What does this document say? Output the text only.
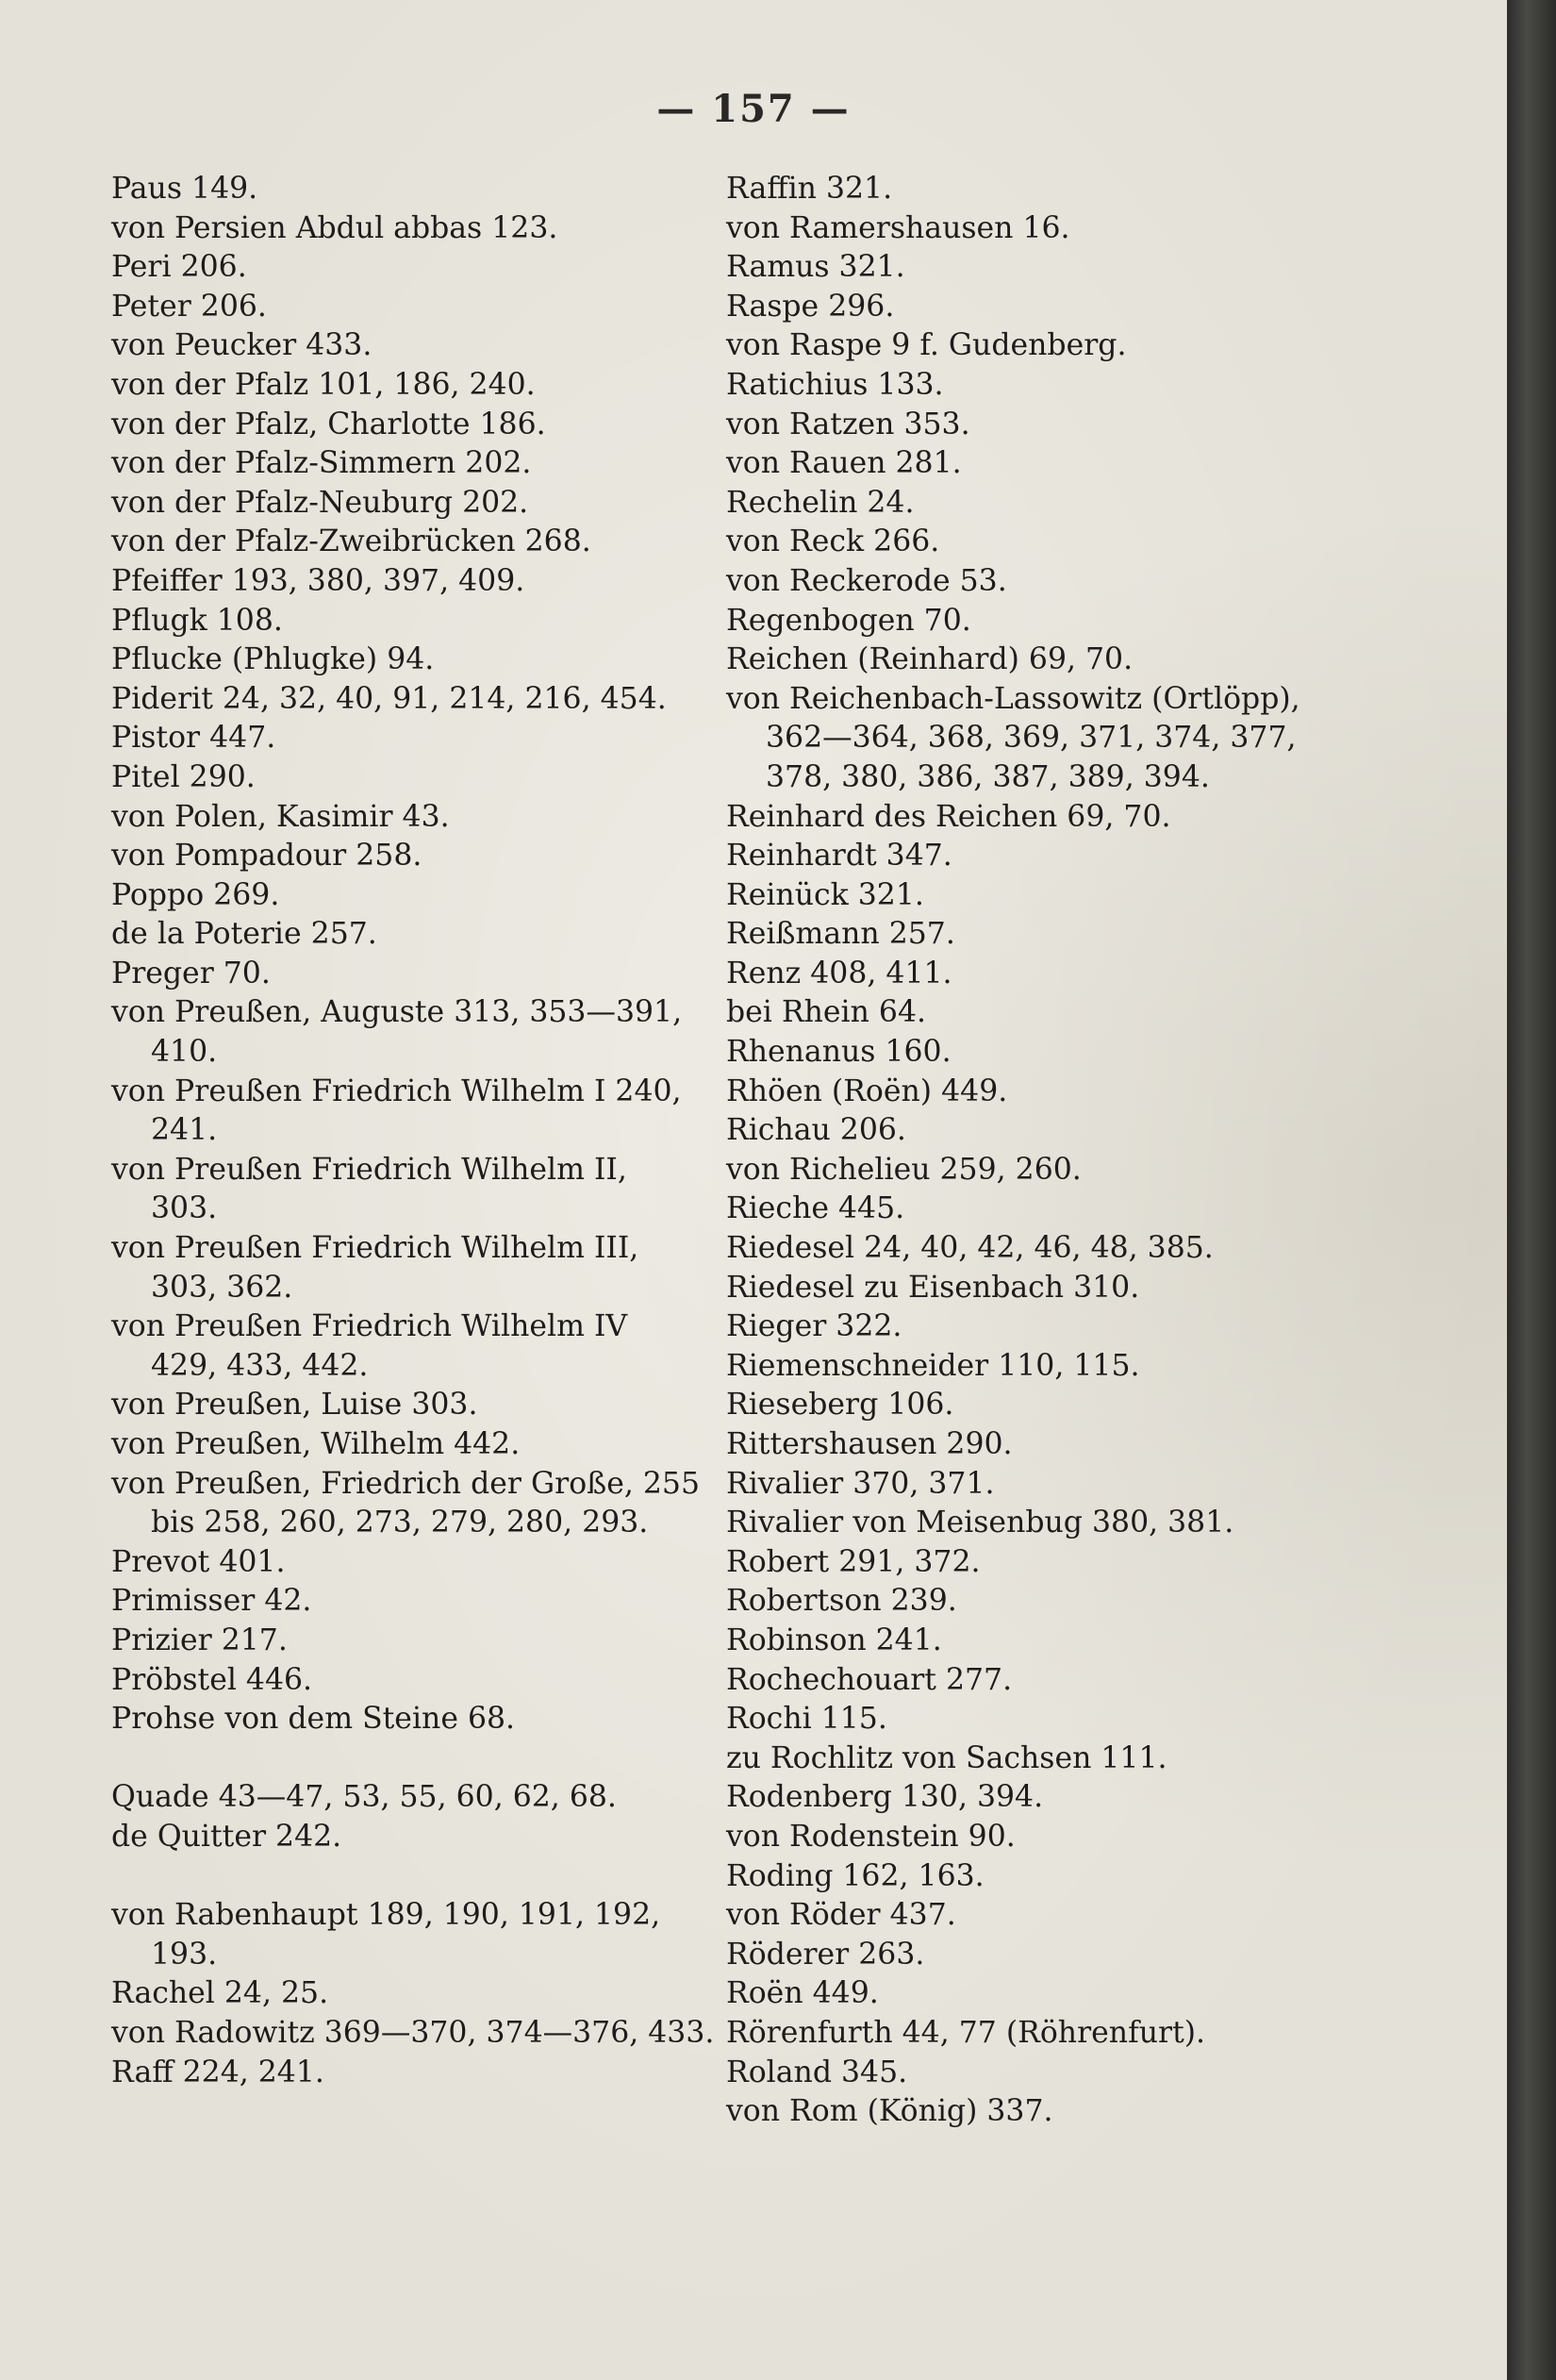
— 157 —
Paus 149.
von Persien Abdul abbas 123.
Peri 206.
Peter 206.
von Peucker 433.
von der Pfalz 101, 186, 240.
von der Pfalz, Charlotte 186.
von der Pfalz-Simmern 202.
von der Pfalz-Neuburg 202.
von der Pfalz-Zweibrücken 268.
Pfeiffer 193, 380, 397, 409.
Pflugk 108.
Pflucke (Phlugke) 94.
Piderit 24, 32, 40, 91, 214, 216, 454.
Pistor 447.
Pitel 290.
von Polen, Kasimir 43.
von Pompadour 258.
Poppo 269.
de la Poterie 257.
Preger 70.
von Preußen, Auguste 313, 353—391,
410.
von Preußen Friedrich Wilhelm I 240,
241.
von Preußen Friedrich Wilhelm II,
303.
von Preußen Friedrich Wilhelm III,
303, 362.
von Preußen Friedrich Wilhelm IV
429, 433, 442.
von Preußen, Luise 303.
von Preußen, Wilhelm 442.
von Preußen, Friedrich der Große, 255
bis 258, 260, 273, 279, 280, 293.
Prevot 401.
Primisser 42.
Prizier 217.
Pröbstel 446.
Prohse von dem Steine 68.
Quade 43—47, 53, 55, 60, 62, 68.
de Quitter 242.
von Rabenhaupt 189, 190, 191, 192,
193.
Rachel 24, 25.
von Radowitz 369—370, 374—376, 433.
Raff 224, 241.
Raffin 321.
von Ramershausen 16.
Ramus 321.
Raspe 296.
von Raspe 9 f. Gudenberg.
Ratichius 133.
von Ratzen 353.
von Rauen 281.
Rechelin 24.
von Reck 266.
von Reckerode 53.
Regenbogen 70.
Reichen (Reinhard) 69, 70.
von Reichenbach-Lassowitz (Ortlöpp),
362—364, 368, 369, 371, 374, 377,
378, 380, 386, 387, 389, 394.
Reinhard des Reichen 69, 70.
Reinhardt 347.
Reinück 321.
Reißmann 257.
Renz 408, 411.
bei Rhein 64.
Rhenanus 160.
Rhöen (Roën) 449.
Richau 206.
von Richelieu 259, 260.
Rieche 445.
Riedesel 24, 40, 42, 46, 48, 385.
Riedesel zu Eisenbach 310.
Rieger 322.
Riemenschneider 110, 115.
Rieseberg 106.
Rittershausen 290.
Rivalier 370, 371.
Rivalier von Meisenbug 380, 381.
Robert 291, 372.
Robertson 239.
Robinson 241.
Rochechouart 277.
Rochi 115.
zu Rochlitz von Sachsen 111.
Rodenberg 130, 394.
von Rodenstein 90.
Roding 162, 163.
von Röder 437.
Röderer 263.
Roën 449.
Rörenfurth 44, 77 (Röhrenfurt).
Roland 345.
von Rom (König) 337.
